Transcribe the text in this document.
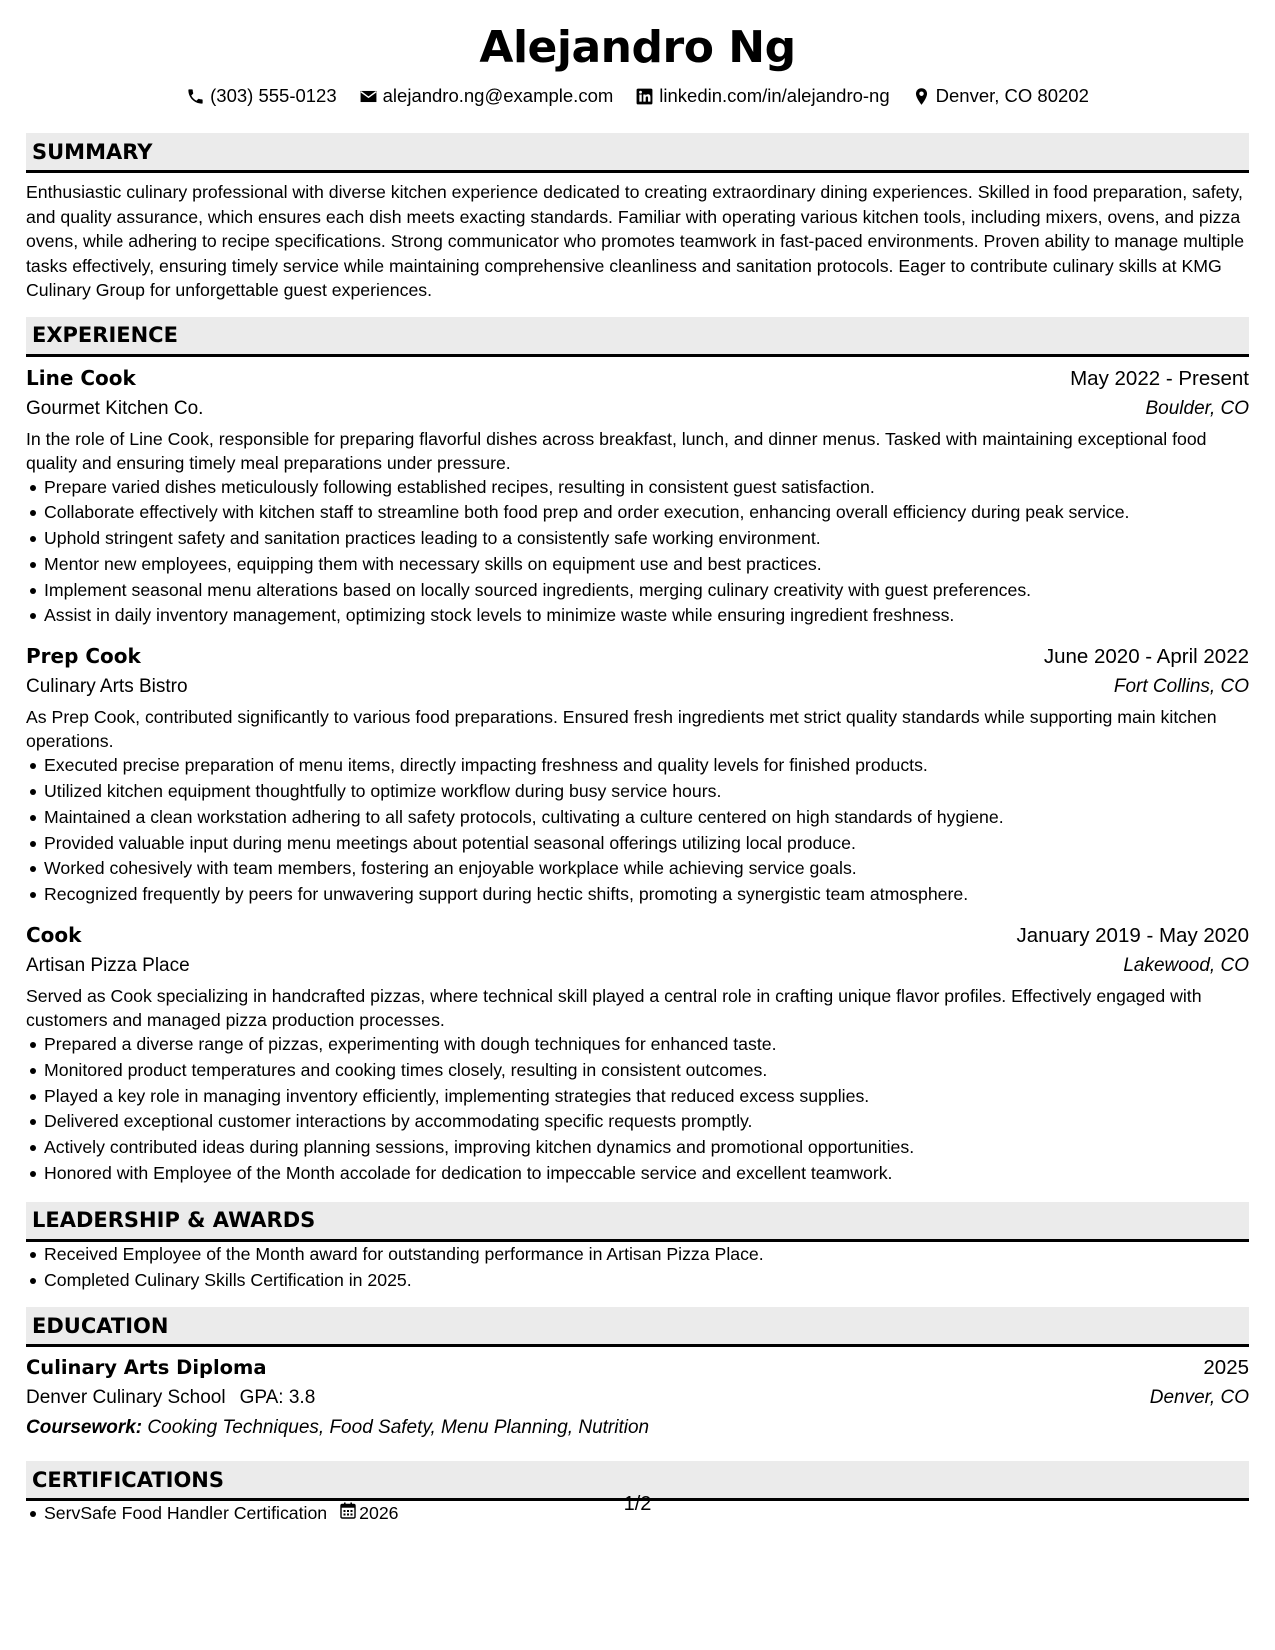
Alejandro Ng
(303) 555-0123 alejandro.ng@example.com linkedin.com/in/alejandro-ng Denver, CO 80202
SUMMARY

Enthusiastic culinary professional with diverse kitchen experience dedicated to creating extraordinary dining experiences. Skilled in food preparation, safety, and quality assurance, which ensures each dish meets exacting standards. Familiar with operating various kitchen tools, including mixers, ovens, and pizza ovens, while adhering to recipe specifications. Strong communicator who promotes teamwork in fast-paced environments. Proven ability to manage multiple tasks effectively, ensuring timely service while maintaining comprehensive cleanliness and sanitation protocols. Eager to contribute culinary skills at KMG Culinary Group for unforgettable guest experiences.

EXPERIENCE
Line Cook	May 2022 - Present
Gourmet Kitchen Co.	Boulder, CO

In the role of Line Cook, responsible for preparing flavorful dishes across breakfast, lunch, and dinner menus. Tasked with maintaining exceptional food quality and ensuring timely meal preparations under pressure.

Prepare varied dishes meticulously following established recipes, resulting in consistent guest satisfaction.
Collaborate effectively with kitchen staff to streamline both food prep and order execution, enhancing overall efficiency during peak service.
Uphold stringent safety and sanitation practices leading to a consistently safe working environment.
Mentor new employees, equipping them with necessary skills on equipment use and best practices.
Implement seasonal menu alterations based on locally sourced ingredients, merging culinary creativity with guest preferences.
Assist in daily inventory management, optimizing stock levels to minimize waste while ensuring ingredient freshness.
Prep Cook	June 2020 - April 2022
Culinary Arts Bistro	Fort Collins, CO

As Prep Cook, contributed significantly to various food preparations. Ensured fresh ingredients met strict quality standards while supporting main kitchen operations.

Executed precise preparation of menu items, directly impacting freshness and quality levels for finished products.
Utilized kitchen equipment thoughtfully to optimize workflow during busy service hours.
Maintained a clean workstation adhering to all safety protocols, cultivating a culture centered on high standards of hygiene.
Provided valuable input during menu meetings about potential seasonal offerings utilizing local produce.
Worked cohesively with team members, fostering an enjoyable workplace while achieving service goals.
Recognized frequently by peers for unwavering support during hectic shifts, promoting a synergistic team atmosphere.
Cook	January 2019 - May 2020
Artisan Pizza Place	Lakewood, CO

Served as Cook specializing in handcrafted pizzas, where technical skill played a central role in crafting unique flavor profiles. Effectively engaged with customers and managed pizza production processes.

Prepared a diverse range of pizzas, experimenting with dough techniques for enhanced taste.
Monitored product temperatures and cooking times closely, resulting in consistent outcomes.
Played a key role in managing inventory efficiently, implementing strategies that reduced excess supplies.
Delivered exceptional customer interactions by accommodating specific requests promptly.
Actively contributed ideas during planning sessions, improving kitchen dynamics and promotional opportunities.
Honored with Employee of the Month accolade for dedication to impeccable service and excellent teamwork.
LEADERSHIP & AWARDS
Received Employee of the Month award for outstanding performance in Artisan Pizza Place.
Completed Culinary Skills Certification in 2025.
EDUCATION
Culinary Arts Diploma	2025
Denver Culinary School GPA: 3.8	Denver, CO
Coursework: Cooking Techniques, Food Safety, Menu Planning, Nutrition
CERTIFICATIONS
ServSafe Food Handler Certification 2026	1/2
